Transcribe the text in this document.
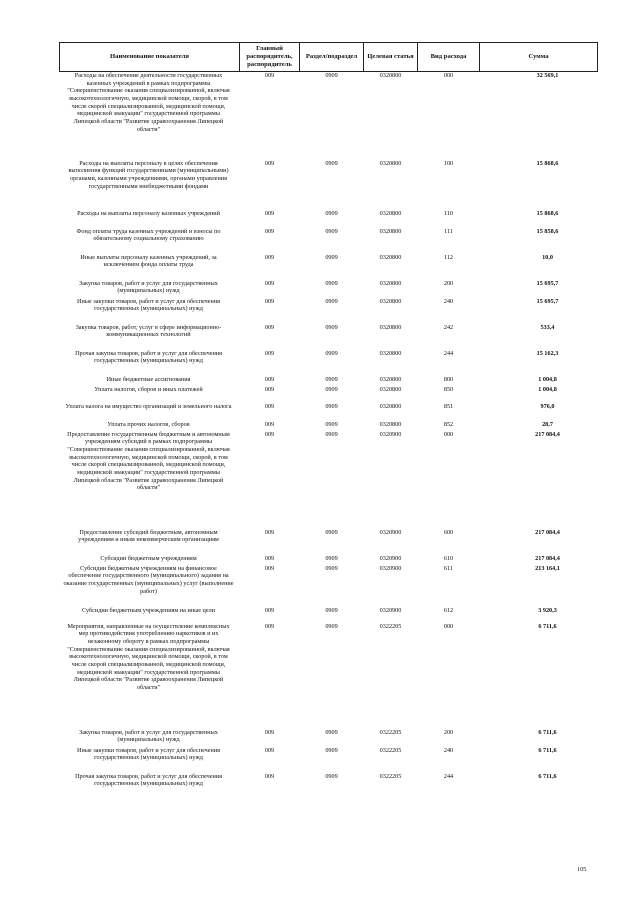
Наименование показателя	Главный распорядитель, распорядитель	Раздел/подраздел	Целевая статья	Вид расхода	Сумма
Расходы на обеспечение деятельности государственных казенных учреждений в рамках подпрограммы "Совершенствование оказания специализированной, включая высокотехнологичную, медицинской помощи, скорой, в том числе скорой специализированной, медицинской помощи, медицинской эвакуации" государственной программы Липецкой области "Развитие здравоохранения Липецкой области"	009	0909	0320800	000	32 569,1
Расходы на выплаты персоналу в целях обеспечения выполнения функций государственными (муниципальными) органами, казенными учреждениями, органами управления государственными внебюджетными фондами	009	0909	0320800	100	15 868,6
Расходы на выплаты персоналу казенных учреждений	009	0909	0320800	110	15 868,6
Фонд оплаты труда казенных учреждений и взносы по обязательному социальному страхованию	009	0909	0320800	111	15 858,6
Иные выплаты персоналу казенных учреждений, за исключением фонда оплаты труда	009	0909	0320800	112	10,0
Закупка товаров, работ и услуг для государственных (муниципальных) нужд	009	0909	0320800	200	15 695,7
Иные закупки товаров, работ и услуг для обеспечения государственных (муниципальных) нужд	009	0909	0320800	240	15 695,7
Закупка товаров, работ, услуг в сфере информационно-коммуникационных технологий	009	0909	0320800	242	533,4
Прочая закупка товаров, работ и услуг для обеспечения государственных (муниципальных) нужд	009	0909	0320800	244	15 162,3
Иные бюджетные ассигнования	009	0909	0320800	800	1 004,8
Уплата налогов, сборов и иных платежей	009	0909	0320800	850	1 004,8
Уплата налога на имущество организаций и земельного налога	009	0909	0320800	851	976,0
Уплата прочих налогов, сборов	009	0909	0320800	852	28,7
Предоставление государственным бюджетным и автономным учреждениям субсидий в рамках подпрограммы "Совершенствование оказания специализированной, включая высокотехнологичную, медицинской помощи, скорой, в том числе скорой специализированной, медицинской помощи, медицинской эвакуации" государственной программы Липецкой области "Развитие здравоохранения Липецкой области"	009	0909	0320900	000	217 084,4
Предоставление субсидий бюджетным, автономным учреждениям и иным некоммерческим организациям	009	0909	0320900	600	217 084,4
Субсидии бюджетным учреждениям	009	0909	0320900	610	217 084,4
Субсидии бюджетным учреждениям на финансовое обеспечение государственного (муниципального) задания на оказание государственных (муниципальных) услуг (выполнение работ)	009	0909	0320900	611	213 164,1
Субсидии бюджетным учреждениям на иные цели	009	0909	0320900	612	3 920,3
Мероприятия, направленные на осуществление комплексных мер противодействия употреблению наркотиков и их незаконному обороту в рамках подпрограммы "Совершенствование оказания специализированной, включая высокотехнологичную, медицинской помощи, скорой, в том числе скорой специализированной, медицинской помощи, медицинской эвакуации" государственной программы Липецкой области "Развитие здравоохранения Липецкой области"	009	0909	0322205	000	6 711,6
Закупка товаров, работ и услуг для государственных (муниципальных) нужд	009	0909	0322205	200	6 711,6
Иные закупки товаров, работ и услуг для обеспечения государственных (муниципальных) нужд	009	0909	0322205	240	6 711,6
Прочая закупка товаров, работ и услуг для обеспечения государственных (муниципальных) нужд	009	0909	0322205	244	6 711,6
105
